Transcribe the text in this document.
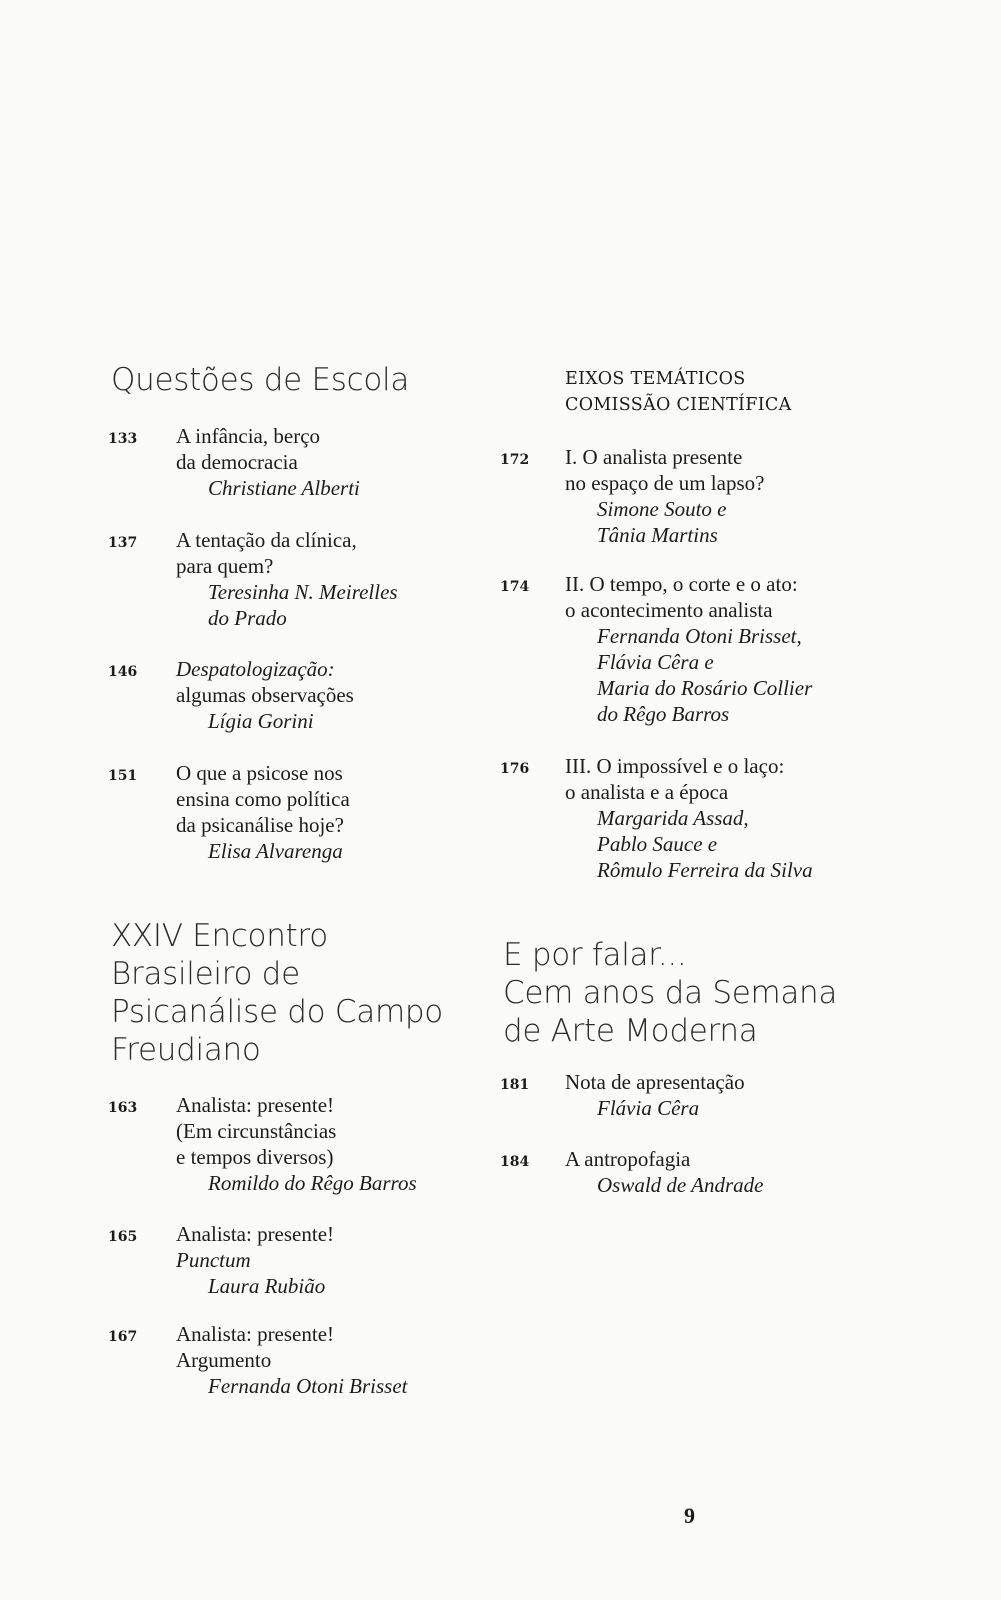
Questões de Escola
133 A infância, berço
da democracia
Christiane Alberti
137 A tentação da clínica,
para quem?
Teresinha N. Meirelles
do Prado
146 Despatologização:
algumas observações
Lígia Gorini
151 O que a psicose nos
ensina como política
da psicanálise hoje?
Elisa Alvarenga
XXIV Encontro
Brasileiro de
Psicanálise do Campo
Freudiano
163 Analista: presente!
(Em circunstâncias
e tempos diversos)
Romildo do Rêgo Barros
165 Analista: presente!
Punctum
Laura Rubião
167 Analista: presente!
Argumento
Fernanda Otoni Brisset
EIXOS TEMÁTICOS
COMISSÃO CIENTÍFICA
172 I. O analista presente
no espaço de um lapso?
Simone Souto e
Tânia Martins
174 II. O tempo, o corte e o ato:
o acontecimento analista
Fernanda Otoni Brisset,
Flávia Cêra e
Maria do Rosário Collier
do Rêgo Barros
176 III. O impossível e o laço:
o analista e a época
Margarida Assad,
Pablo Sauce e
Rômulo Ferreira da Silva
E por falar...
Cem anos da Semana
de Arte Moderna
181 Nota de apresentação
Flávia Cêra
184 A antropofagia
Oswald de Andrade
9
